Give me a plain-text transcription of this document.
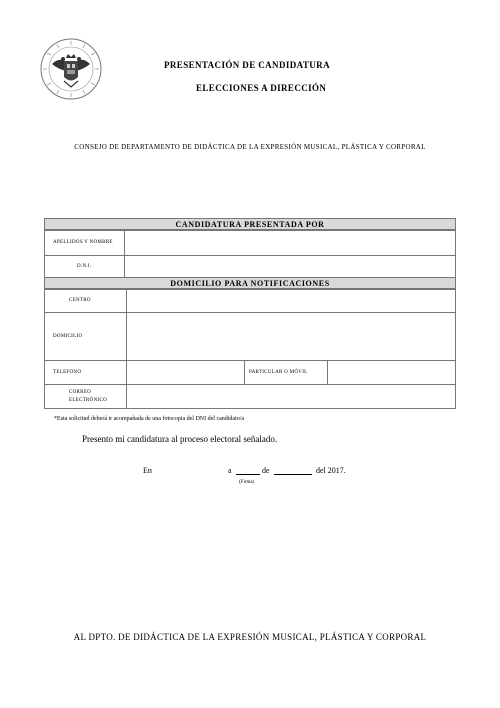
PRESENTACIÓN DE CANDIDATURA
ELECCIONES A DIRECCIÓN
CONSEJO DE DEPARTAMENTO DE DIDÁCTICA DE LA EXPRESIÓN MUSICAL, PLÁSTICA Y CORPORAL
CANDIDATURA PRESENTADA POR
APELLIDOS Y NOMBRE	
D.N.I.	
DOMICILIO PARA NOTIFICACIONES
CENTRO			
DOMICILIO			
TELEFONO		PARTICULAR O MÓVIL	
CORREO ELECTRÓNICO			
*Esta solicitud deberá ir acompañada de una fotocopia del DNI del candidato/a
Presento mi candidatura al proceso electoral señalado.
En	a	de	del 2017.
(Firma)
AL DPTO. DE DIDÁCTICA DE LA EXPRESIÓN MUSICAL, PLÁSTICA Y CORPORAL
